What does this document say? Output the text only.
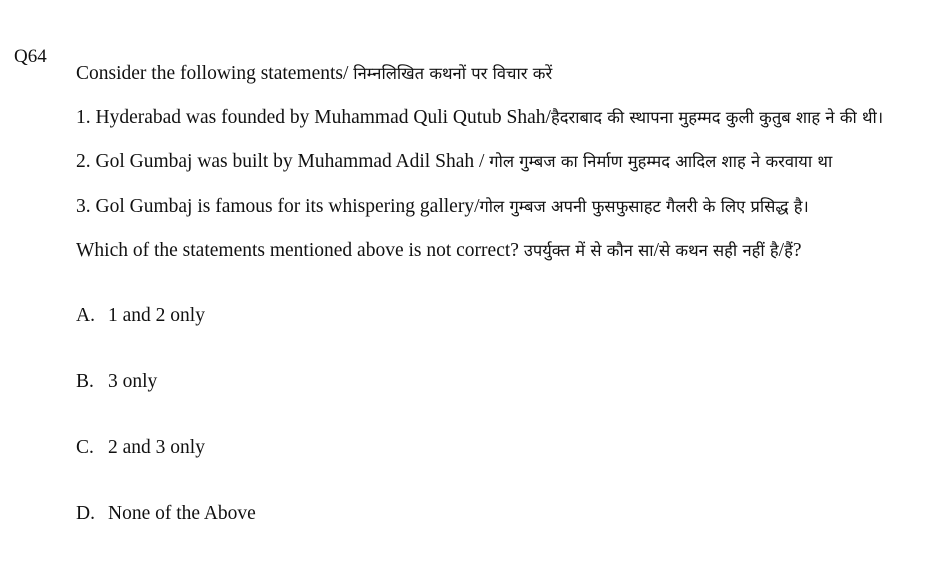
Q64

Consider the following statements/ निम्नलिखित कथनों पर विचार करें

1. Hyderabad was founded by Muhammad Quli Qutub Shah/हैदराबाद की स्थापना मुहम्मद कुली कुतुब शाह ने की थी।

2. Gol Gumbaj was built by Muhammad Adil Shah / गोल गुम्बज का निर्माण मुहम्मद आदिल शाह ने करवाया था

3. Gol Gumbaj is famous for its whispering gallery/गोल गुम्बज अपनी फुसफुसाहट गैलरी के लिए प्रसिद्ध है।

Which of the statements mentioned above is not correct? उपर्युक्त में से कौन सा/से कथन सही नहीं है/हैं?

A. 1 and 2 only
B. 3 only
C. 2 and 3 only
D. None of the Above
